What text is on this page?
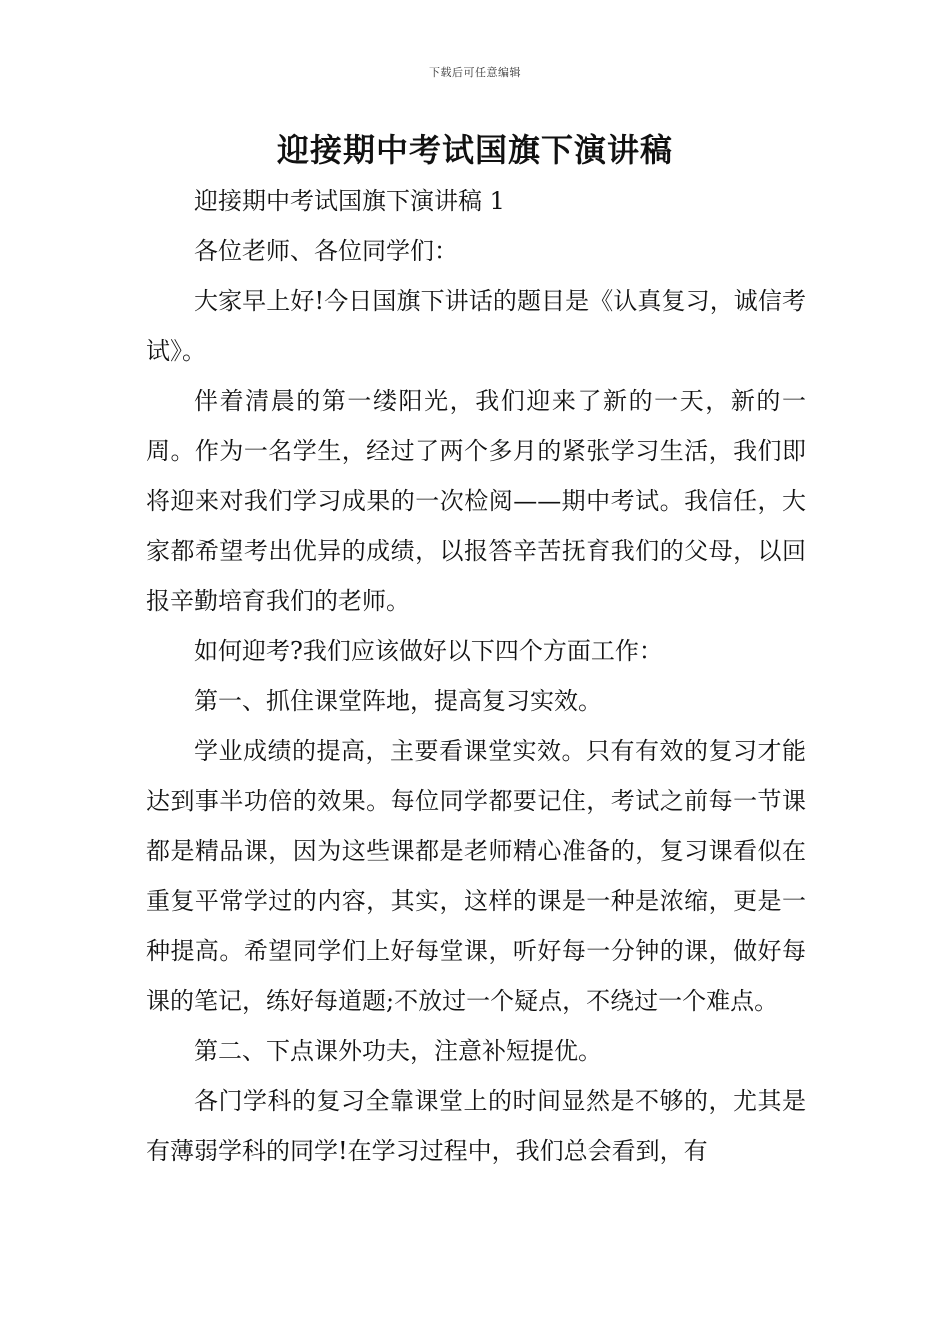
下载后可任意编辑
迎接期中考试国旗下演讲稿

迎接期中考试国旗下演讲稿 1

各位老师、各位同学们：

大家早上好!今日国旗下讲话的题目是《认真复习，诚信考试》。

伴着清晨的第一缕阳光，我们迎来了新的一天，新的一周。作为一名学生，经过了两个多月的紧张学习生活，我们即将迎来对我们学习成果的一次检阅——期中考试。我信任，大家都希望考出优异的成绩，以报答辛苦抚育我们的父母，以回报辛勤培育我们的老师。

如何迎考?我们应该做好以下四个方面工作：

第一、抓住课堂阵地，提高复习实效。

学业成绩的提高，主要看课堂实效。只有有效的复习才能达到事半功倍的效果。每位同学都要记住，考试之前每一节课都是精品课，因为这些课都是老师精心准备的，复习课看似在重复平常学过的内容，其实，这样的课是一种是浓缩，更是一种提高。希望同学们上好每堂课，听好每一分钟的课，做好每课的笔记，练好每道题;不放过一个疑点，不绕过一个难点。

第二、下点课外功夫，注意补短提优。

各门学科的复习全靠课堂上的时间显然是不够的，尤其是有薄弱学科的同学!在学习过程中，我们总会看到，有
